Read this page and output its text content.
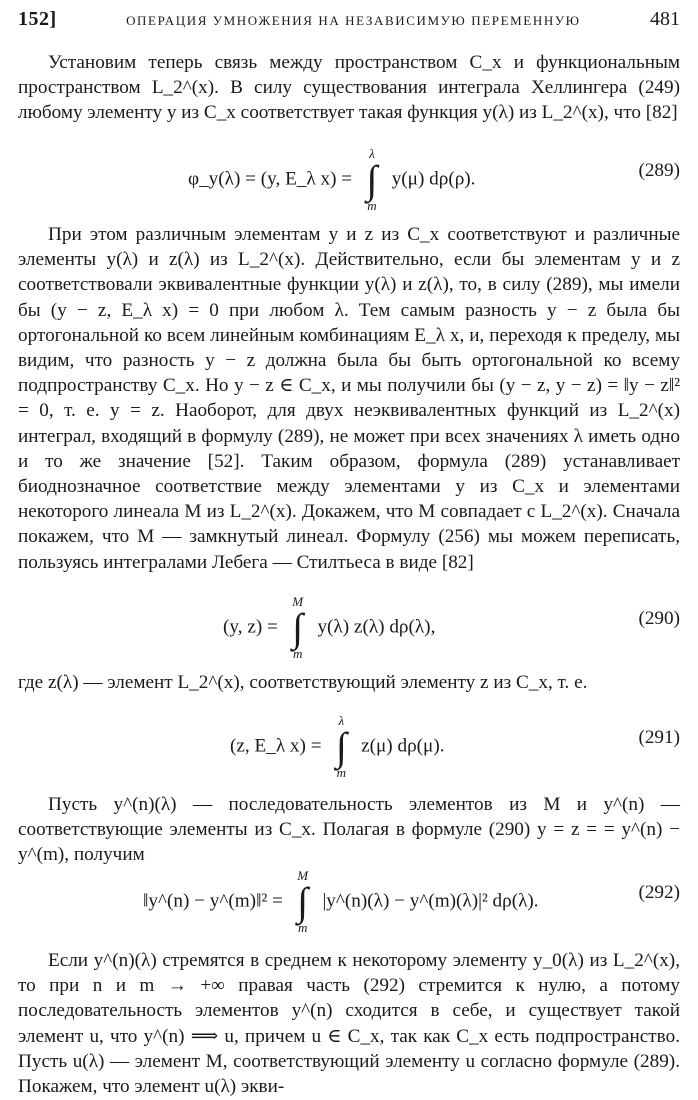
152]	ОПЕРАЦИЯ УМНОЖЕНИЯ НА НЕЗАВИСИМУЮ ПЕРЕМЕННУЮ	481

Установим теперь связь между пространством C_x и функциональным пространством L_2^(x). В силу существования интеграла Хеллингера (249) любому элементу y из C_x соответствует такая функция y(λ) из L_2^(x), что [82]

φ_y(λ) = (y, E_λ x) =
λ
∫
m
y(μ) dρ(ρ).	(289)

При этом различным элементам y и z из C_x соответствуют и различные элементы y(λ) и z(λ) из L_2^(x). Действительно, если бы элементам y и z соответствовали эквивалентные функции y(λ) и z(λ), то, в силу (289), мы имели бы (y − z, E_λ x) = 0 при любом λ. Тем самым разность y − z была бы ортогональной ко всем линейным комбинациям E_λ x, и, переходя к пределу, мы видим, что разность y − z должна была бы быть ортогональной ко всему подпространству C_x. Но y − z ∈ C_x, и мы получили бы (y − z, y − z) = ‖y − z‖² = 0, т. е. y = z. Наоборот, для двух неэквивалентных функций из L_2^(x) интеграл, входящий в формулу (289), не может при всех значениях λ иметь одно и то же значение [52]. Таким образом, формула (289) устанавливает биоднозначное соответствие между элементами y из C_x и элементами некоторого линеала M из L_2^(x). Докажем, что M совпадает с L_2^(x). Сначала покажем, что M — замкнутый линеал. Формулу (256) мы можем переписать, пользуясь интегралами Лебега — Стилтьеса в виде [82]

(y, z) =
M
∫
m
y(λ) z(λ) dρ(λ),	(290)

где z(λ) — элемент L_2^(x), соответствующий элементу z из C_x, т. е.

(z, E_λ x) =
λ
∫
m
z(μ) dρ(μ).	(291)

Пусть y^(n)(λ) — последовательность элементов из M и y^(n) — соответствующие элементы из C_x. Полагая в формуле (290) y = z = = y^(n) − y^(m), получим

‖y^(n) − y^(m)‖² =
M
∫
m
|y^(n)(λ) − y^(m)(λ)|² dρ(λ).	(292)

Если y^(n)(λ) стремятся в среднем к некоторому элементу y_0(λ) из L_2^(x), то при n и m → +∞ правая часть (292) стремится к нулю, а потому последовательность элементов y^(n) сходится в себе, и существует такой элемент u, что y^(n) ⟹ u, причем u ∈ C_x, так как C_x есть подпространство. Пусть u(λ) — элемент M, соответствующий элементу u согласно формуле (289). Покажем, что элемент u(λ) экви-
